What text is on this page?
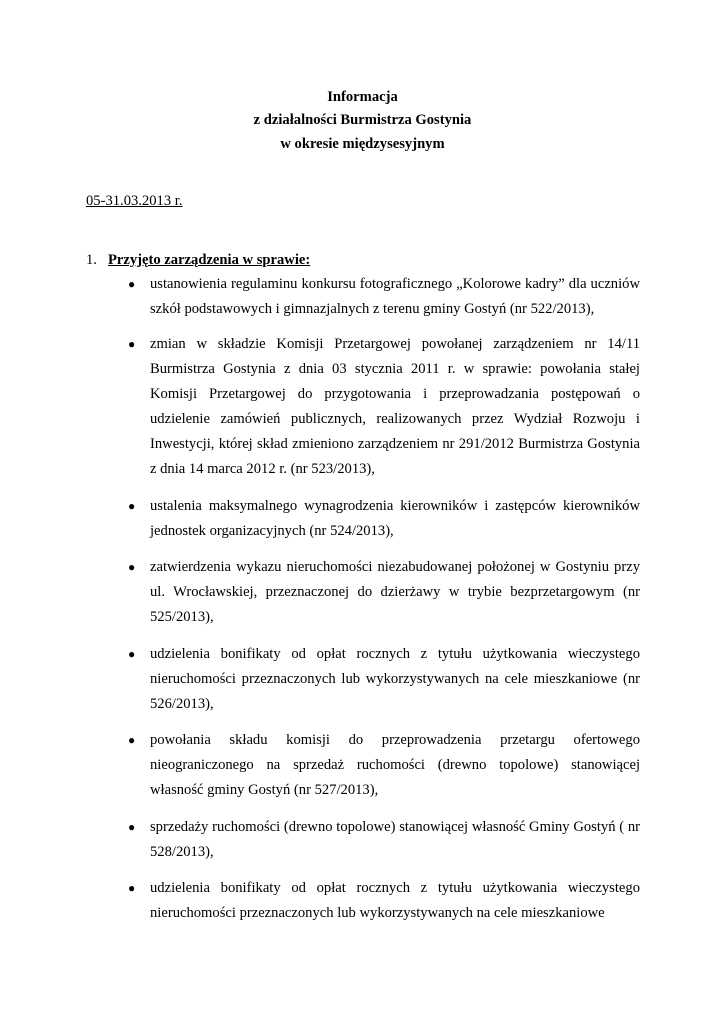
Informacja
z działalności Burmistrza Gostynia
w okresie międzysesyjnym
05-31.03.2013 r.
1. Przyjęto zarządzenia w sprawie:
● ustanowienia regulaminu konkursu fotograficznego „Kolorowe kadry” dla uczniów szkół podstawowych i gimnazjalnych z terenu gminy Gostyń (nr 522/2013),
● zmian w składzie Komisji Przetargowej powołanej zarządzeniem nr 14/11 Burmistrza Gostynia z dnia 03 stycznia 2011 r. w sprawie: powołania stałej Komisji Przetargowej do przygotowania i przeprowadzania postępowań o udzielenie zamówień publicznych, realizowanych przez Wydział Rozwoju i Inwestycji, której skład zmieniono zarządzeniem nr 291/2012 Burmistrza Gostynia z dnia 14 marca 2012 r. (nr 523/2013),
● ustalenia maksymalnego wynagrodzenia kierowników i zastępców kierowników jednostek organizacyjnych (nr 524/2013),
● zatwierdzenia wykazu nieruchomości niezabudowanej położonej w Gostyniu przy ul. Wrocławskiej, przeznaczonej do dzierżawy w trybie bezprzetargowym (nr 525/2013),
● udzielenia bonifikaty od opłat rocznych z tytułu użytkowania wieczystego nieruchomości przeznaczonych lub wykorzystywanych na cele mieszkaniowe (nr 526/2013),
● powołania składu komisji do przeprowadzenia przetargu ofertowego nieograniczonego na sprzedaż ruchomości (drewno topolowe) stanowiącej własność gminy Gostyń (nr 527/2013),
● sprzedaży ruchomości (drewno topolowe) stanowiącej własność Gminy Gostyń ( nr 528/2013),
● udzielenia bonifikaty od opłat rocznych z tytułu użytkowania wieczystego nieruchomości przeznaczonych lub wykorzystywanych na cele mieszkaniowe
